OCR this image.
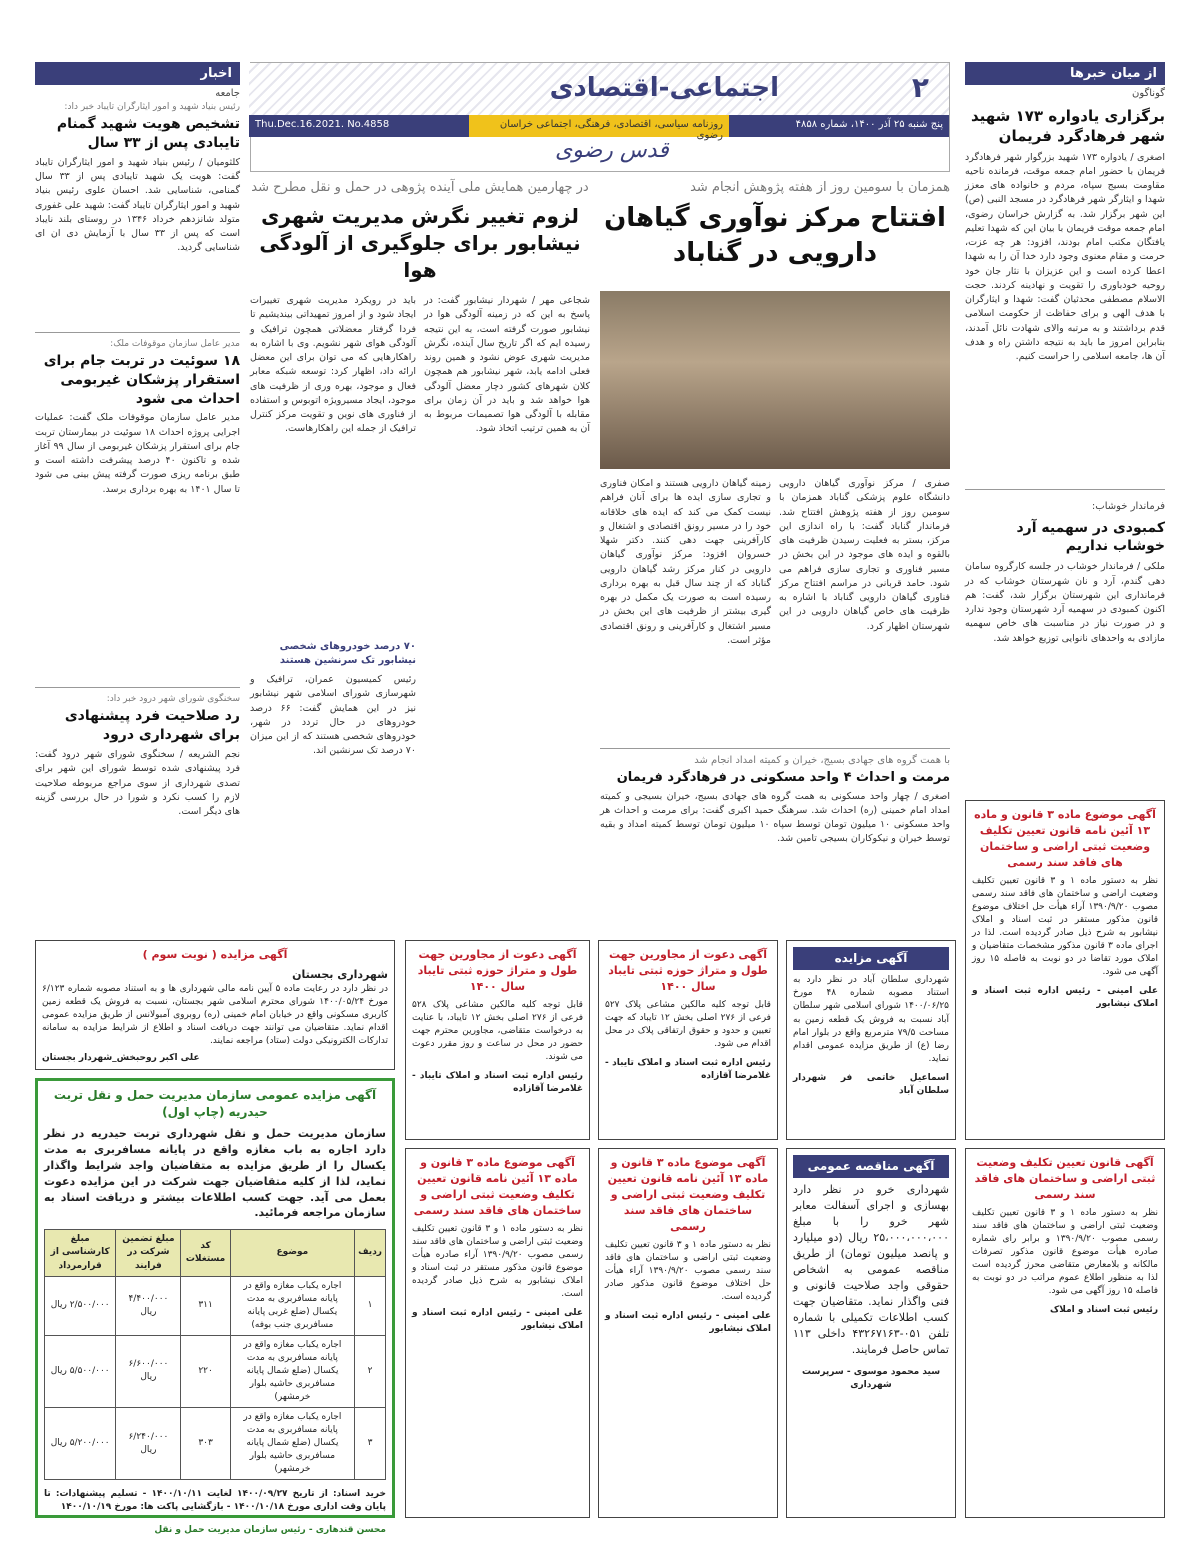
۲
اجتماعی-اقتصادی
پنج شنبه ۲۵ آذر ۱۴۰۰، شماره ۴۸۵۸
روزنامه سیاسی، اقتصادی، فرهنگی، اجتماعی خراسان رضوی
Thu.Dec.16.2021. No.4858
قدس رضوی
از میان خبرها
گوناگون
برگزاری یادواره ۱۷۳ شهید شهر فرهادگرد فریمان
اصغری / یادواره ۱۷۳ شهید بزرگوار شهر فرهادگرد فریمان با حضور امام جمعه موقت، فرمانده ناحیه مقاومت بسیج سپاه، مردم و خانواده های معزز شهدا و ایثارگر شهر فرهادگرد در مسجد النبی (ص) این شهر برگزار شد. به گزارش خراسان رضوی، امام جمعه موقت فریمان با بیان این که شهدا تعلیم یافتگان مکتب امام بودند، افزود: هر چه عزت، حرمت و مقام معنوی وجود دارد خدا آن را به شهدا اعطا کرده است و این عزیزان با نثار جان خود روحیه خودباوری را تقویت و نهادینه کردند. حجت الاسلام مصطفی محدثیان گفت: شهدا و ایثارگران با هدف الهی و برای حفاظت از حکومت اسلامی قدم برداشتند و به مرتبه والای شهادت نائل آمدند، بنابراین امروز ما باید به نتیجه داشتن راه و هدف آن ها، جامعه اسلامی را حراست کنیم.
فرماندار خوشاب:
کمبودی در سهمیه آرد خوشاب نداریم
ملکی / فرماندار خوشاب در جلسه کارگروه سامان دهی گندم، آرد و نان شهرستان خوشاب که در فرمانداری این شهرستان برگزار شد، گفت: هم اکنون کمبودی در سهمیه آرد شهرستان وجود ندارد و در صورت نیاز در مناسبت های خاص سهمیه مازادی به واحدهای نانوایی توزیع خواهد شد.
همزمان با سومین روز از هفته پژوهش انجام شد
افتتاح مرکز نوآوری گیاهان دارویی در گناباد
صفری / مرکز نوآوری گیاهان دارویی دانشگاه علوم پزشکی گناباد همزمان با سومین روز از هفته پژوهش افتتاح شد. فرماندار گناباد گفت: با راه اندازی این مرکز، بستر به فعلیت رسیدن ظرفیت های بالقوه و ایده های موجود در این بخش در مسیر فناوری و تجاری سازی فراهم می شود. حامد قربانی در مراسم افتتاح مرکز فناوری گیاهان دارویی گناباد با اشاره به ظرفیت های خاص گیاهان دارویی در این شهرستان اظهار کرد.
زمینه گیاهان دارویی هستند و امکان فناوری و تجاری سازی ایده ها برای آنان فراهم نیست کمک می کند که ایده های خلاقانه خود را در مسیر رونق اقتصادی و اشتغال و کارآفرینی جهت دهی کنند. دکتر شهلا خسروان افزود: مرکز نوآوری گیاهان دارویی در کنار مرکز رشد گیاهان دارویی گناباد که از چند سال قبل به بهره برداری رسیده است به صورت یک مکمل در بهره گیری بیشتر از ظرفیت های این بخش در مسیر اشتغال و کارآفرینی و رونق اقتصادی مؤثر است.
با همت گروه های جهادی بسیج، خیران و کمیته امداد انجام شد
مرمت و احداث ۴ واحد مسکونی در فرهادگرد فریمان
اصغری / چهار واحد مسکونی به همت گروه های جهادی بسیج، خیران بسیجی و کمیته امداد امام خمینی (ره) احداث شد. سرهنگ حمید اکبری گفت: برای مرمت و احداث هر واحد مسکونی ۱۰ میلیون تومان توسط سپاه ۱۰ میلیون تومان توسط کمیته امداد و بقیه توسط خیران و نیکوکاران بسیجی تامین شد.
در چهارمین همایش ملی آینده پژوهی در حمل و نقل مطرح شد
لزوم تغییر نگرش مدیریت شهری نیشابور برای جلوگیری از آلودگی هوا
شجاعی مهر / شهردار نیشابور گفت: در پاسخ به این که در زمینه آلودگی هوا در نیشابور صورت گرفته است، به این نتیجه رسیده ایم که اگر تاریخ سال آینده، نگرش مدیریت شهری عوض نشود و همین روند فعلی ادامه یابد، شهر نیشابور هم همچون کلان شهرهای کشور دچار معضل آلودگی هوا خواهد شد و باید در آن زمان برای مقابله با آلودگی هوا تصمیمات مربوط به آن به همین ترتیب اتخاذ شود.
باید در رویکرد مدیریت شهری تغییرات ایجاد شود و از امروز تمهیداتی بیندیشیم تا فردا گرفتار معضلاتی همچون ترافیک و آلودگی هوای شهر نشویم. وی با اشاره به راهکارهایی که می توان برای این معضل ارائه داد، اظهار کرد: توسعه شبکه معابر فعال و موجود، بهره وری از ظرفیت های موجود، ایجاد مسیرویژه اتوبوس و استفاده از فناوری های نوین و تقویت مرکز کنترل ترافیک از جمله این راهکارهاست.
۷۰ درصد خودروهای شخصی نیشابور تک سرنشین هستند
رئیس کمیسیون عمران، ترافیک و شهرسازی شورای اسلامی شهر نیشابور نیز در این همایش گفت: ۶۶ درصد خودروهای در حال تردد در شهر، خودروهای شخصی هستند که از این میزان ۷۰ درصد تک سرنشین اند.
اخبار
جامعه
رئیس بنیاد شهید و امور ایثارگران تایباد خبر داد:
تشخیص هویت شهید گمنام تایبادی پس از ۳۳ سال
کلثومیان / رئیس بنیاد شهید و امور ایثارگران تایباد گفت: هویت یک شهید تایبادی پس از ۳۳ سال گمنامی، شناسایی شد. احسان علوی رئیس بنیاد شهید و امور ایثارگران تایباد گفت: شهید علی غفوری متولد شانزدهم خرداد ۱۳۴۶ در روستای بلند نایباد است که پس از ۳۳ سال با آزمایش دی ان ای شناسایی گردید.
مدیر عامل سازمان موقوفات ملک:
۱۸ سوئیت در تربت جام برای استقرار پزشکان غیربومی احداث می شود
مدیر عامل سازمان موقوفات ملک گفت: عملیات اجرایی پروژه احداث ۱۸ سوئیت در بیمارستان تربت جام برای استقرار پزشکان غیربومی از سال ۹۹ آغاز شده و تاکنون ۴۰ درصد پیشرفت داشته است و طبق برنامه ریزی صورت گرفته پیش بینی می شود تا سال ۱۴۰۱ به بهره برداری برسد.
سخنگوی شورای شهر درود خبر داد:
رد صلاحیت فرد پیشنهادی برای شهرداری درود
نجم الشریعه / سخنگوی شورای شهر درود گفت: فرد پیشنهادی شده توسط شورای این شهر برای تصدی شهرداری از سوی مراجع مربوطه صلاحیت لازم را کسب نکرد و شورا در حال بررسی گزینه های دیگر است.	آگهی موضوع ماده ۳ قانون و ماده ۱۳ آئین نامه قانون تعیین تکلیف وضعیت ثبتی اراضی و ساختمان های فاقد سند رسمی
نظر به دستور ماده ۱ و ۳ قانون تعیین تکلیف وضعیت اراضی و ساختمان های فاقد سند رسمی مصوب ۱۳۹۰/۹/۲۰ آراء هیأت حل اختلاف موضوع قانون مذکور مستقر در ثبت اسناد و املاک نیشابور به شرح ذیل صادر گردیده است. لذا در اجرای ماده ۳ قانون مذکور مشخصات متقاضیان و املاک مورد تقاضا در دو نوبت به فاصله ۱۵ روز آگهی می شود.
علی امینی - رئیس اداره ثبت اسناد و املاک نیشابور
آگهی قانون تعیین تکلیف وضعیت ثبتی اراضی و ساختمان های فاقد سند رسمی
نظر به دستور ماده ۱ و ۳ قانون تعیین تکلیف وضعیت ثبتی اراضی و ساختمان های فاقد سند رسمی مصوب ۱۳۹۰/۹/۲۰ و برابر رای شماره صادره هیأت موضوع قانون مذکور تصرفات مالکانه و بلامعارض متقاضی محرز گردیده است لذا به منظور اطلاع عموم مراتب در دو نوبت به فاصله ۱۵ روز آگهی می شود.
رئیس ثبت اسناد و املاک
آگهی مزایده ( نوبت سوم )
شهرداری بجستان
در نظر دارد در رعایت ماده ۵ آیین نامه مالی شهرداری ها و به استناد مصوبه شماره ۶/۱۲۳ مورخ ۱۴۰۰/۰۵/۲۴ شورای محترم اسلامی شهر بجستان، نسبت به فروش یک قطعه زمین کاربری مسکونی واقع در خیابان امام خمینی (ره) روبروی آمبولانس از طریق مزایده عمومی اقدام نماید. متقاضیان می توانند جهت دریافت اسناد و اطلاع از شرایط مزایده به سامانه تدارکات الکترونیکی دولت (ستاد) مراجعه نمایند.
علی اکبر روحبخش_شهردار بجستان
آگهی دعوت از مجاورین جهت طول و متراژ حوزه ثبتی تایباد سال ۱۴۰۰
قابل توجه کلیه مالکین مشاعی پلاک ۵۲۸ فرعی از ۲۷۶ اصلی بخش ۱۲ تایباد، با عنایت به درخواست متقاضی، مجاورین محترم جهت حضور در محل در ساعت و روز مقرر دعوت می شوند.
رئیس اداره ثبت اسناد و املاک تایباد - غلامرضا آقازاده
آگهی دعوت از مجاورین جهت طول و متراژ حوزه ثبتی تایباد سال ۱۴۰۰
قابل توجه کلیه مالکین مشاعی پلاک ۵۲۷ فرعی از ۲۷۶ اصلی بخش ۱۲ تایباد که جهت تعیین و حدود و حقوق ارتفاقی پلاک در محل اقدام می شود.
رئیس اداره ثبت اسناد و املاک تایباد - غلامرضا آقازاده
آگهی مزایده
شهرداری سلطان آباد در نظر دارد به استناد مصوبه شماره ۴۸ مورخ ۱۴۰۰/۰۶/۲۵ شورای اسلامی شهر سلطان آباد نسبت به فروش یک قطعه زمین به مساحت ۷۹/۵ مترمربع واقع در بلوار امام رضا (ع) از طریق مزایده عمومی اقدام نماید.
اسماعیل خاتمی فر شهردار سلطان آباد
آگهی مزایده عمومی سازمان مدیریت حمل و نقل تربت حیدریه (چاپ اول)
سازمان مدیریت حمل و نقل شهرداری تربت حیدریه در نظر دارد اجاره به باب مغازه واقع در پایانه مسافربری به مدت یکسال را از طریق مزایده به متقاضیان واجد شرایط واگذار نماید، لذا از کلیه متقاضیان جهت شرکت در این مزایده دعوت بعمل می آید. جهت کسب اطلاعات بیشتر و دریافت اسناد به سازمان مراجعه فرمائید.
ردیف	موضوع	کد مستغلات	مبلغ تضمین شرکت در فرایند	مبلغ کارشناسی از قرارمرداد
۱	اجاره یکباب مغازه واقع در پایانه مسافربری به مدت یکسال (ضلع غربی پایانه مسافربری جنب بوفه)	۳۱۱	۴/۴۰۰/۰۰۰ ریال	۲/۵۰۰/۰۰۰ ریال
۲	اجاره یکباب مغازه واقع در پایانه مسافربری به مدت یکسال (ضلع شمال پایانه مسافربری حاشیه بلوار خرمشهر)	۲۲۰	۶/۶۰۰/۰۰۰ ریال	۵/۵۰۰/۰۰۰ ریال
۳	اجاره یکباب مغازه واقع در پایانه مسافربری به مدت یکسال (ضلع شمال پایانه مسافربری حاشیه بلوار خرمشهر)	۳۰۳	۶/۲۴۰/۰۰۰ ریال	۵/۲۰۰/۰۰۰ ریال
خرید اسناد: از تاریخ ۱۴۰۰/۰۹/۲۷ لغایت ۱۴۰۰/۱۰/۱۱ - تسلیم پیشنهادات: تا پایان وقت اداری مورخ ۱۴۰۰/۱۰/۱۸ - بازگشایی پاکت ها: مورخ ۱۴۰۰/۱۰/۱۹
محسن قندهاری - رئیس سازمان مدیریت حمل و نقل
آگهی موضوع ماده ۳ قانون و ماده ۱۳ آئین نامه قانون تعیین تکلیف وضعیت ثبتی اراضی و ساختمان های فاقد سند رسمی
نظر به دستور ماده ۱ و ۳ قانون تعیین تکلیف وضعیت ثبتی اراضی و ساختمان های فاقد سند رسمی مصوب ۱۳۹۰/۹/۲۰ آراء صادره هیأت موضوع قانون مذکور مستقر در ثبت اسناد و املاک نیشابور به شرح ذیل صادر گردیده است.
علی امینی - رئیس اداره ثبت اسناد و املاک نیشابور
آگهی موضوع ماده ۳ قانون و ماده ۱۳ آئین نامه قانون تعیین تکلیف وضعیت ثبتی اراضی و ساختمان های فاقد سند رسمی
نظر به دستور ماده ۱ و ۳ قانون تعیین تکلیف وضعیت ثبتی اراضی و ساختمان های فاقد سند رسمی مصوب ۱۳۹۰/۹/۲۰ آراء هیأت حل اختلاف موضوع قانون مذکور صادر گردیده است.
علی امینی - رئیس اداره ثبت اسناد و املاک نیشابور
آگهی مناقصه عمومی
شهرداری خرو در نظر دارد بهسازی و اجرای آسفالت معابر شهر خرو را با مبلغ ۲۵،۰۰۰،۰۰۰،۰۰۰ ریال (دو میلیارد و پانصد میلیون تومان) از طریق مناقصه عمومی به اشخاص حقوقی واجد صلاحیت قانونی و فنی واگذار نماید. متقاضیان جهت کسب اطلاعات تکمیلی با شماره تلفن ۰۵۱-۴۳۲۶۷۱۶۳ داخلی ۱۱۳ تماس حاصل فرمایند.
سید محمود موسوی - سرپرست شهرداری
